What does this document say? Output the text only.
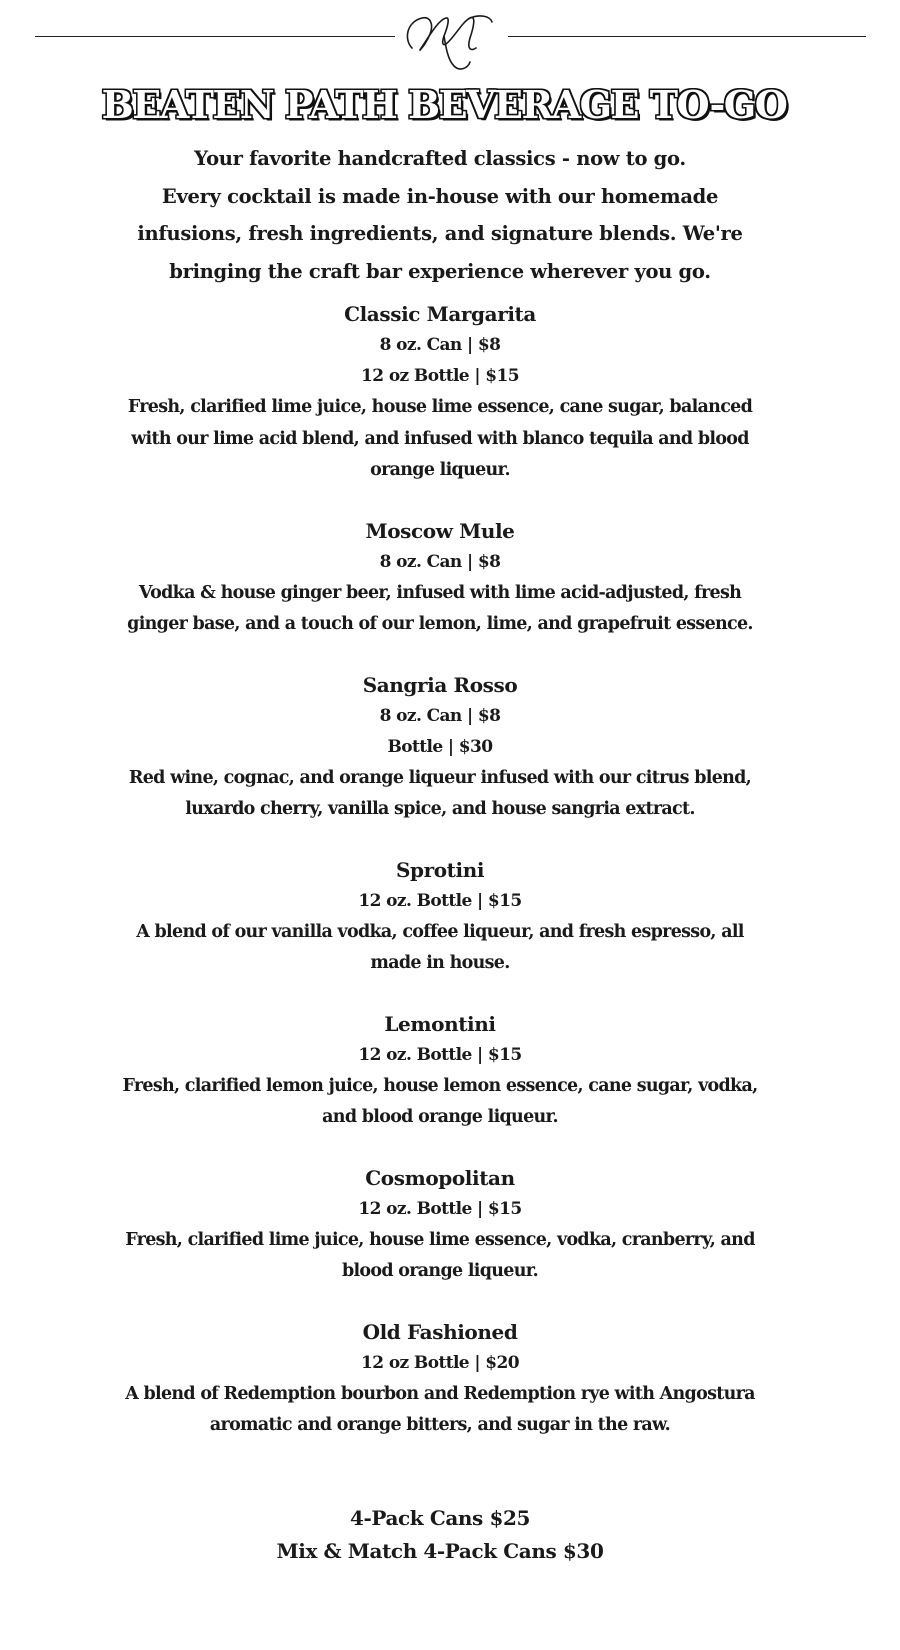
BEATEN PATH BEVERAGE TO-GO
Your favorite handcrafted classics - now to go.
Every cocktail is made in-house with our homemade
infusions, fresh ingredients, and signature blends. We're
bringing the craft bar experience wherever you go.
Classic Margarita
8 oz. Can | $8
12 oz Bottle | $15
Fresh, clarified lime juice, house lime essence, cane sugar, balanced with our lime acid blend, and infused with blanco tequila and blood orange liqueur.
Moscow Mule
8 oz. Can | $8
Vodka & house ginger beer, infused with lime acid-adjusted, fresh ginger base, and a touch of our lemon, lime, and grapefruit essence.
Sangria Rosso
8 oz. Can | $8
Bottle | $30
Red wine, cognac, and orange liqueur infused with our citrus blend, luxardo cherry, vanilla spice, and house sangria extract.
Sprotini
12 oz. Bottle | $15
A blend of our vanilla vodka, coffee liqueur, and fresh espresso, all made in house.
Lemontini
12 oz. Bottle | $15
Fresh, clarified lemon juice, house lemon essence, cane sugar, vodka, and blood orange liqueur.
Cosmopolitan
12 oz. Bottle | $15
Fresh, clarified lime juice, house lime essence, vodka, cranberry, and blood orange liqueur.
Old Fashioned
12 oz Bottle | $20
A blend of Redemption bourbon and Redemption rye with Angostura aromatic and orange bitters, and sugar in the raw.
4-Pack Cans $25
Mix & Match 4-Pack Cans $30
